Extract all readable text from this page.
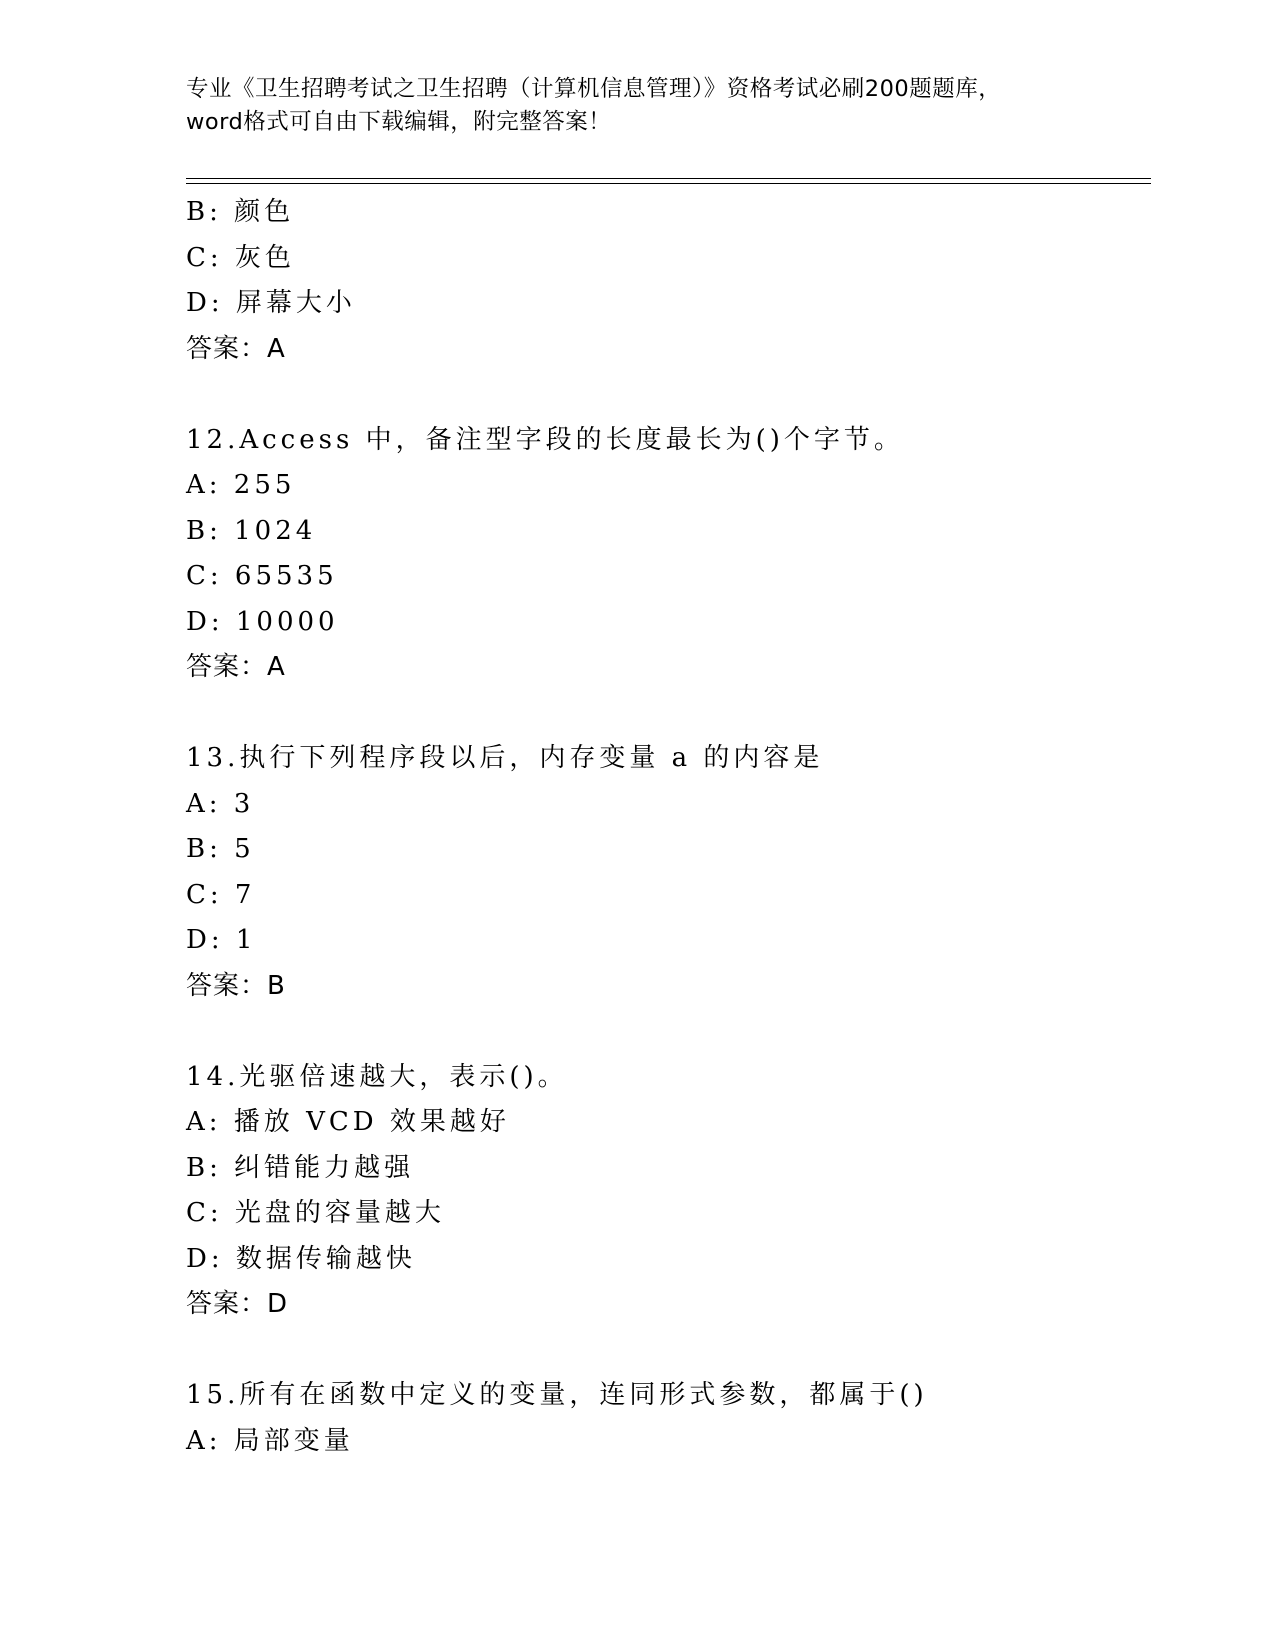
专业《卫生招聘考试之卫生招聘（计算机信息管理）》资格考试必刷200题题库，
word格式可自由下载编辑，附完整答案！
B: 颜色
C: 灰色
D: 屏幕大小
答案：A
12.Access 中，备注型字段的长度最长为()个字节。
A: 255
B: 1024
C: 65535
D: 10000
答案：A
13.执行下列程序段以后，内存变量 a 的内容是
A: 3
B: 5
C: 7
D: 1
答案：B
14.光驱倍速越大，表示()。
A: 播放 VCD 效果越好
B: 纠错能力越强
C: 光盘的容量越大
D: 数据传输越快
答案：D
15.所有在函数中定义的变量，连同形式参数，都属于()
A: 局部变量
